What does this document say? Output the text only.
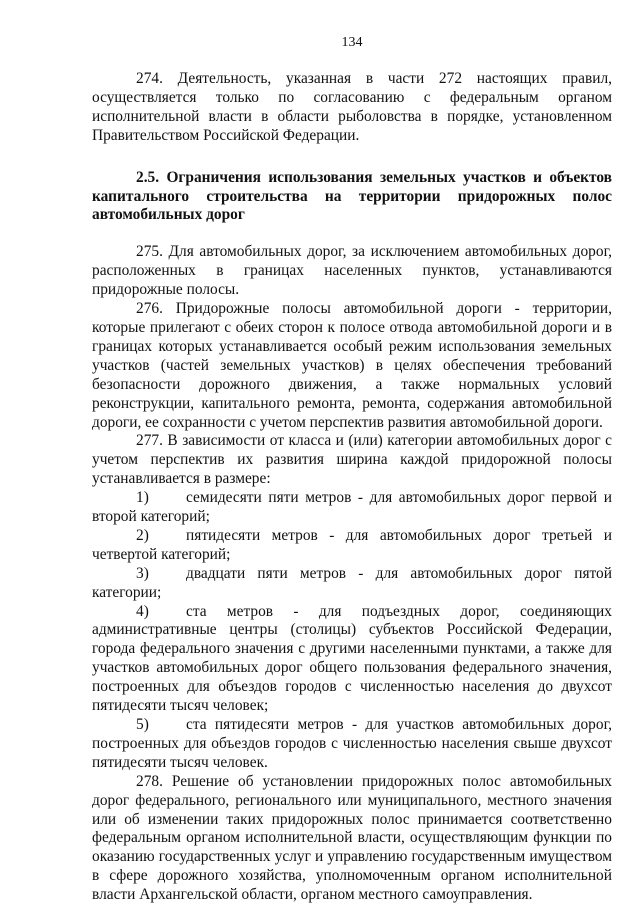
134

274. Деятельность, указанная в части 272 настоящих правил, осуществляется только по согласованию с федеральным органом исполнительной власти в области рыболовства в порядке, установленном Правительством Российской Федерации.

2.5. Ограничения использования земельных участков и объектов капитального строительства на территории придорожных полос автомобильных дорог

275. Для автомобильных дорог, за исключением автомобильных дорог, расположенных в границах населенных пунктов, устанавливаются придорожные полосы.

276. Придорожные полосы автомобильной дороги - территории, которые прилегают с обеих сторон к полосе отвода автомобильной дороги и в границах которых устанавливается особый режим использования земельных участков (частей земельных участков) в целях обеспечения требований безопасности дорожного движения, а также нормальных условий реконструкции, капитального ремонта, ремонта, содержания автомобильной дороги, ее сохранности с учетом перспектив развития автомобильной дороги.

277. В зависимости от класса и (или) категории автомобильных дорог с учетом перспектив их развития ширина каждой придорожной полосы устанавливается в размере:

1) семидесяти пяти метров - для автомобильных дорог первой и второй категорий;

2) пятидесяти метров - для автомобильных дорог третьей и четвертой категорий;

3) двадцати пяти метров - для автомобильных дорог пятой категории;

4) ста метров - для подъездных дорог, соединяющих административные центры (столицы) субъектов Российской Федерации, города федерального значения с другими населенными пунктами, а также для участков автомобильных дорог общего пользования федерального значения, построенных для объездов городов с численностью населения до двухсот пятидесяти тысяч человек;

5) ста пятидесяти метров - для участков автомобильных дорог, построенных для объездов городов с численностью населения свыше двухсот пятидесяти тысяч человек.

278. Решение об установлении придорожных полос автомобильных дорог федерального, регионального или муниципального, местного значения или об изменении таких придорожных полос принимается соответственно федеральным органом исполнительной власти, осуществляющим функции по оказанию государственных услуг и управлению государственным имуществом в сфере дорожного хозяйства, уполномоченным органом исполнительной власти Архангельской области, органом местного самоуправления.
